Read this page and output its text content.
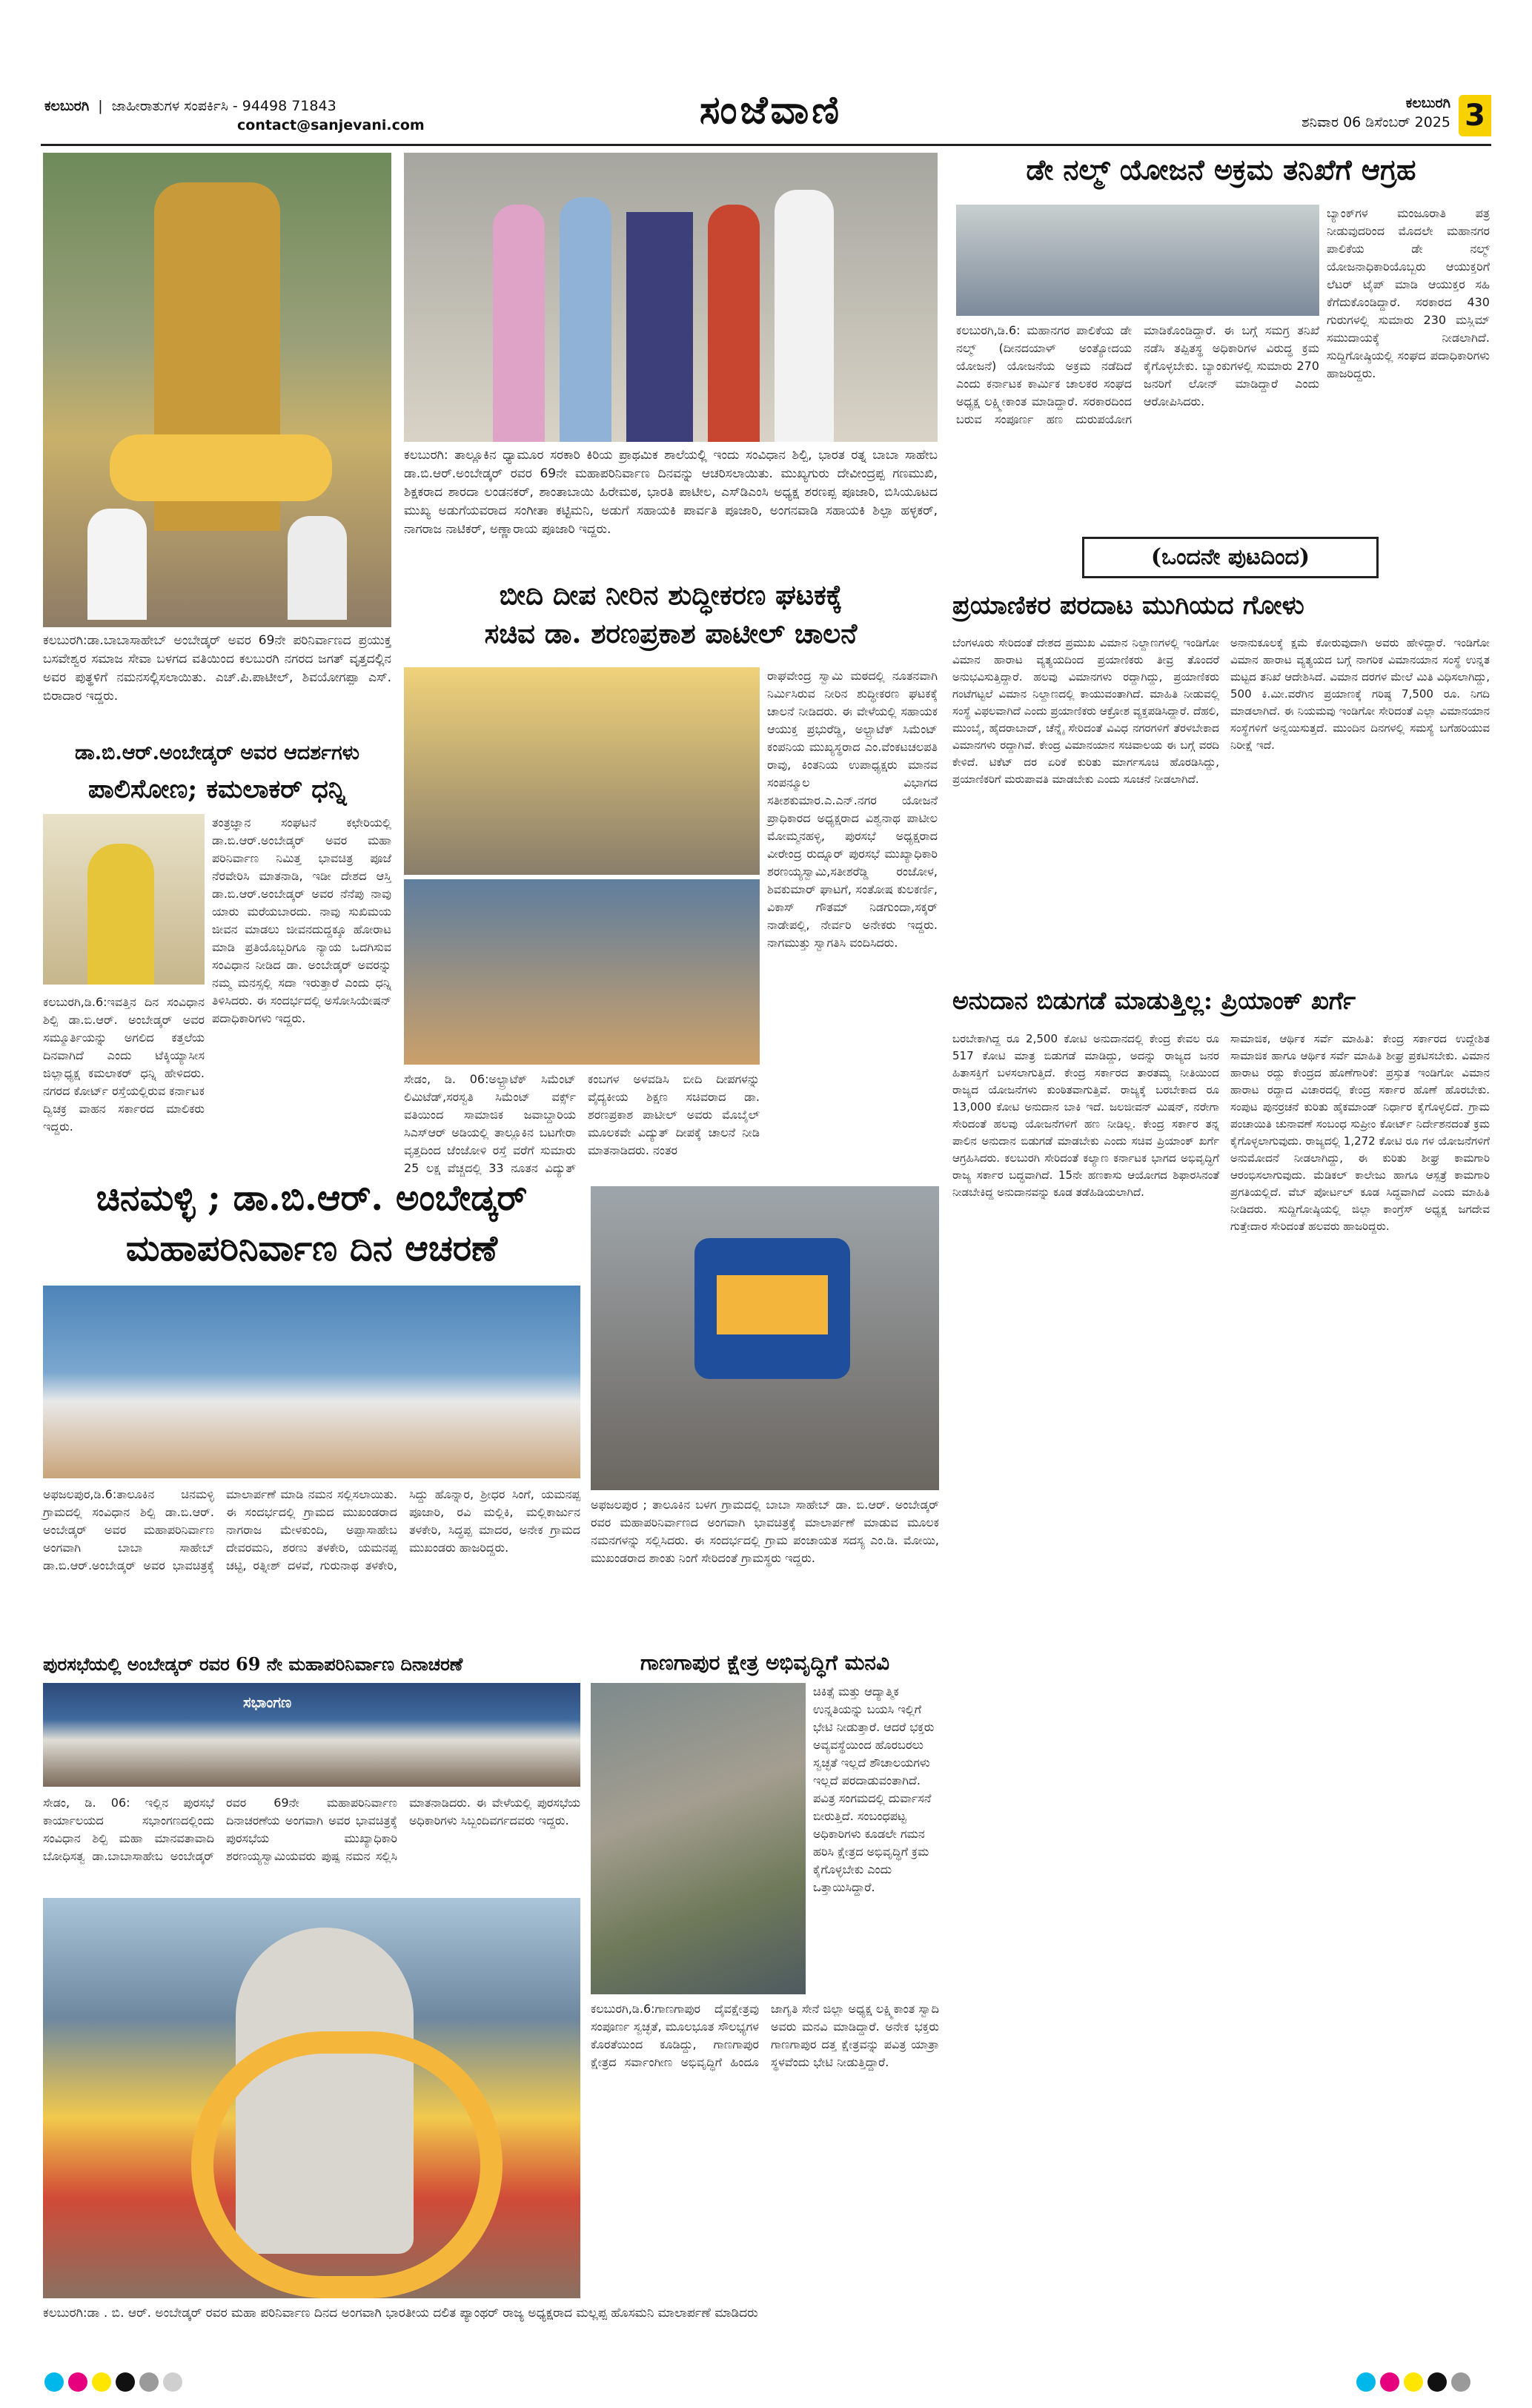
ಕಲಬುರಗಿ  |  ಜಾಹೀರಾತುಗಳ ಸಂಪರ್ಕಿಸಿ - 94498 71843
contact@sanjevani.com	ಸಂಜೆವಾಣಿ	ಕಲಬುರಗಿ
ಶನಿವಾರ 06 ಡಿಸೆಂಬರ್ 2025 3
ಕಲಬುರಗಿ:ಡಾ.ಬಾಬಾಸಾಹೇಬ್ ಅಂಬೇಡ್ಕರ್ ಅವರ 69ನೇ ಪರಿನಿರ್ವಾಣದ ಪ್ರಯುಕ್ತ ಬಸವೇಶ್ವರ ಸಮಾಜ ಸೇವಾ ಬಳಗದ ವತಿಯಿಂದ ಕಲಬುರಗಿ ನಗರದ ಜಗತ್ ವೃತ್ತದಲ್ಲಿನ ಅವರ ಪುತ್ಥಳಿಗೆ ನಮನಸಲ್ಲಿಸಲಾಯಿತು. ಎಚ್.ಪಿ.ಪಾಟೀಲ್, ಶಿವಯೋಗಪ್ಪಾ ಎಸ್. ಬಿರಾದಾರ ಇದ್ದರು.
ಡಾ.ಬಿ.ಆರ್.ಅಂಬೇಡ್ಕರ್ ಅವರ ಆದರ್ಶಗಳು
ಪಾಲಿಸೋಣ; ಕಮಲಾಕರ್ ಧನ್ನಿ
ತಂತ್ರಜ್ಞಾನ ಸಂಘಟನೆ ಕಛೇರಿಯಲ್ಲಿ ಡಾ.ಬಿ.ಆರ್.ಅಂಬೇಡ್ಕರ್ ಅವರ ಮಹಾ ಪರಿನಿರ್ವಾಣ ನಿಮಿತ್ತ ಭಾವಚಿತ್ರ ಪೂಜೆ ನೆರವೇರಿಸಿ ಮಾತನಾಡಿ, ಇಡೀ ದೇಶದ ಆಸ್ತಿ ಡಾ.ಬಿ.ಆರ್.ಅಂಬೇಡ್ಕರ್ ಅವರ ನೆನೆಪು ನಾವು ಯಾರು ಮರೆಯಬಾರದು. ನಾವು ಸುಖಿಮಯ ಜೀವನ ಮಾಡಲು ಜೀವನದುದ್ದಕ್ಕೂ ಹೋರಾಟ ಮಾಡಿ ಪ್ರತಿಯೊಬ್ಬರಿಗೂ ನ್ಯಾಯ ಒದಗಿಸುವ ಸಂವಿಧಾನ ನೀಡಿದ ಡಾ. ಅಂಬೇಡ್ಕರ್ ಅವರನ್ನು ನಮ್ಮ ಮನಸ್ಸಲ್ಲಿ ಸದಾ ಇರುತ್ತಾರೆ ಎಂದು ಧನ್ನಿ ತಿಳಿಸಿದರು. ಈ ಸಂದರ್ಭದಲ್ಲಿ ಅಸೋಸಿಯೇಷನ್ ಪದಾಧಿಕಾರಿಗಳು ಇದ್ದರು.
ಕಲಬುರಗಿ,ಡಿ.6:ಇವತ್ತಿನ ದಿನ ಸಂವಿಧಾನ ಶಿಲ್ಪಿ ಡಾ.ಬಿ.ಆರ್. ಅಂಬೇಡ್ಕರ್ ಅವರ ಸಮ್ಮೂರ್ತಿಯನ್ನು ಅಗಲಿದ ಕತ್ತಲೆಯ ದಿನವಾಗಿದೆ ಎಂದು ಟೆಕ್ಕಿಯ್ಯಾಸೀಸ ಜಿಲ್ಲಾಧ್ಯಕ್ಷ ಕಮಲಾಕರ್ ಧನ್ನಿ ಹೇಳಿದರು. ನಗರದ ಕೋರ್ಟ್ ರಸ್ತೆಯಲ್ಲಿರುವ ಕರ್ನಾಟಕ ದ್ವಿಚಕ್ರ ವಾಹನ ಸರ್ಕಾರದ ಮಾಲಿಕರು ಇದ್ದರು.
ಕಲಬುರಗಿ: ತಾಲ್ಲೂಕಿನ ಧ್ಯಾಮೂರ ಸರಕಾರಿ ಕಿರಿಯ ಪ್ರಾಥಮಿಕ ಶಾಲೆಯಲ್ಲಿ ಇಂದು ಸಂವಿಧಾನ ಶಿಲ್ಪಿ, ಭಾರತ ರತ್ನ ಬಾಬಾ ಸಾಹೇಬ ಡಾ.ಬಿ.ಆರ್.ಅಂಬೇಡ್ಕರ್ ರವರ 69ನೇ ಮಹಾಪರಿನಿರ್ವಾಣ ದಿನವನ್ನು ಆಚರಿಸಲಾಯಿತು. ಮುಖ್ಯಗುರು ದೇವೀಂದ್ರಪ್ಪ ಗಣಮುಖಿ, ಶಿಕ್ಷಕರಾದ ಶಾರದಾ ಲಂಡನಕರ್, ಶಾಂತಾಬಾಯಿ ಹಿರೇಮಠ, ಭಾರತಿ ಪಾಟೀಲ, ಎಸ್‌ಡಿಎಂಸಿ ಅಧ್ಯಕ್ಷ ಶರಣಪ್ಪ ಪೂಜಾರಿ, ಬಿಸಿಯೂಟದ ಮುಖ್ಯ ಅಡುಗೆಯವರಾದ ಸಂಗೀತಾ ಕಟ್ಟಿಮನಿ, ಅಡುಗೆ ಸಹಾಯಕಿ ಪಾರ್ವತಿ ಪೂಜಾರಿ, ಅಂಗನವಾಡಿ ಸಹಾಯಕಿ ಶಿಲ್ಪಾ ಹಳ್ಳಕರ್, ನಾಗರಾಜ ನಾಟಿಕರ್, ಅಣ್ಣಾರಾಯ ಪೂಜಾರಿ ಇದ್ದರು.
ಬೀದಿ ದೀಪ ನೀರಿನ ಶುದ್ಧೀಕರಣ ಘಟಕಕ್ಕೆ
ಸಚಿವ ಡಾ. ಶರಣಪ್ರಕಾಶ ಪಾಟೀಲ್ ಚಾಲನೆ
ರಾಘವೇಂದ್ರ ಸ್ವಾಮಿ ಮಠದಲ್ಲಿ ನೂತನವಾಗಿ ನಿರ್ಮಿಸಿರುವ ನೀರಿನ ಶುದ್ಧೀಕರಣ ಘಟಕಕ್ಕೆ ಚಾಲನೆ ನೀಡಿದರು. ಈ ವೇಳೆಯಲ್ಲಿ ಸಹಾಯಕ ಆಯುಕ್ತ ಪ್ರಭುರೆಡ್ಡಿ, ಅಲ್ಟ್ರಾಟೆಕ್ ಸಿಮೆಂಟ್ ಕಂಪನಿಯ ಮುಖ್ಯಸ್ಥರಾದ ಎಂ.ವೆಂಕಟಚಲಪತಿ ರಾವು, ಕಿಂತನಿಯ ಉಪಾಧ್ಯಕ್ಷರು ಮಾನವ ಸಂಪನ್ಮೂಲ ವಿಭಾಗದ ಸತೀಶಕುಮಾರ.ಎ.ಎನ್.ನಗರ ಯೋಜನೆ ಪ್ರಾಧಿಕಾರದ ಅಧ್ಯಕ್ಷರಾದ ವಿಶ್ವನಾಥ ಪಾಟೀಲ ಮೋಮ್ಮನಹಳ್ಳಿ, ಪುರಸಭೆ ಅಧ್ಯಕ್ಷರಾದ ವೀರೇಂದ್ರ ರುದ್ನೂರ್ ಪುರಸಭೆ ಮುಖ್ಯಾಧಿಕಾರಿ ಶರಣಯ್ಯಸ್ವಾಮಿ,ಸತೀಶರೆಡ್ಡಿ ರಂಜೋಳ, ಶಿವಕುಮಾರ್ ಘಾಟಗೆ, ಸಂತೋಷ ಕುಲಕರ್ಣಿ, ವಿಕಾಸ್ ಗೌತಮ್ ನಿಡಗುಂದಾ,ಸಕ್ಕರ್ ನಾಡೇಪಲ್ಲಿ, ನೇರ್ವರಿ ಅನೇಕರು ಇದ್ದರು. ನಾಗಮುತ್ತು ಸ್ವಾಗತಿಸಿ ವಂದಿಸಿದರು.
ಸೇಡಂ, ಡಿ. 06:ಅಲ್ಟ್ರಾಟೆಕ್ ಸಿಮೆಂಟ್ ಲಿಮಿಟೆಡ್,ಸರಸ್ವತಿ ಸಿಮೆಂಟ್ ವರ್ಕ್ಸ್ ವತಿಯಿಂದ ಸಾಮಾಜಿಕ ಜವಾಬ್ದಾರಿಯ ಸಿಎಸ್‌ಆರ್ ಅಡಿಯಲ್ಲಿ ತಾಲ್ಲೂಕಿನ ಬಟಗೇರಾ ವೃತ್ತದಿಂದ ಜೆಂಜೋಳಿ ರಸ್ತೆ ವರೆಗೆ ಸುಮಾರು 25 ಲಕ್ಷ ವೆಚ್ಚದಲ್ಲಿ 33 ನೂತನ ವಿದ್ಯುತ್ ಕಂಬಗಳ ಅಳವಡಿಸಿ ಬೀದಿ ದೀಪಗಳನ್ನು ವೈದ್ಯಕೀಯ ಶಿಕ್ಷಣ ಸಚಿವರಾದ ಡಾ. ಶರಣಪ್ರಕಾಶ ಪಾಟೀಲ್ ಅವರು ಮೊಬೈಲ್ ಮೂಲಕವೇ ವಿದ್ಯುತ್ ದೀಪಕ್ಕೆ ಚಾಲನೆ ನೀಡಿ ಮಾತನಾಡಿದರು. ನಂತರ
ಚಿನಮಳ್ಳಿ ; ಡಾ.ಬಿ.ಆರ್. ಅಂಬೇಡ್ಕರ್
ಮಹಾಪರಿನಿರ್ವಾಣ ದಿನ ಆಚರಣೆ
ಅಫಜಲಪುರ,ಡಿ.6:ತಾಲೂಕಿನ ಚಿನಮಳ್ಳಿ ಗ್ರಾಮದಲ್ಲಿ ಸಂವಿಧಾನ ಶಿಲ್ಪಿ ಡಾ.ಬಿ.ಆರ್. ಅಂಬೇಡ್ಕರ್ ಅವರ ಮಹಾಪರಿನಿರ್ವಾಣ ಅಂಗವಾಗಿ ಬಾಬಾ ಸಾಹೇಬ್ ಡಾ.ಬಿ.ಆರ್.ಅಂಬೇಡ್ಕರ್ ಅವರ ಭಾವಚಿತ್ರಕ್ಕೆ ಮಾಲಾರ್ಪಣೆ ಮಾಡಿ ನಮನ ಸಲ್ಲಿಸಲಾಯಿತು. ಈ ಸಂದರ್ಭದಲ್ಲಿ ಗ್ರಾಮದ ಮುಖಂಡರಾದ ನಾಗರಾಜ ಮೇಳಕುಂದಿ, ಅಪ್ಪಾಸಾಹೇಬ ದೇವರಮನಿ, ಶರಣು ತಳಕೇರಿ, ಯಮನಪ್ಪ ಚಟ್ಟಿ, ರತ್ನೀಶ್ ದಳವೆ, ಗುರುನಾಥ ತಳಕೇರಿ, ಸಿದ್ದು ಹೊನ್ನಾರ, ಶ್ರೀಧರ ಸಿಂಗೆ, ಯಮನಪ್ಪ ಪೂಜಾರಿ, ರವಿ ಮಲ್ಲಿಕಿ, ಮಲ್ಲಿಕಾರ್ಜುನ ತಳಕೇರಿ, ಸಿದ್ಧಪ್ಪ ಮಾದರ, ಅನೇಕ ಗ್ರಾಮದ ಮುಖಂಡರು ಹಾಜರಿದ್ದರು.
ಅಫಜಲಪುರ ; ತಾಲೂಕಿನ ಬಳಗ ಗ್ರಾಮದಲ್ಲಿ ಬಾಬಾ ಸಾಹೇಬ್ ಡಾ. ಬಿ.ಆರ್. ಅಂಬೇಡ್ಕರ್ ರವರ ಮಹಾಪರಿನಿರ್ವಾಣದ ಅಂಗವಾಗಿ ಭಾವಚಿತ್ರಕ್ಕೆ ಮಾಲಾರ್ಪಣೆ ಮಾಡುವ ಮೂಲಕ ನಮನಗಳನ್ನು ಸಲ್ಲಿಸಿದರು. ಈ ಸಂದರ್ಭದಲ್ಲಿ ಗ್ರಾಮ ಪಂಚಾಯತ ಸದಸ್ಯ ಎಂ.ಡಿ. ಮೋಯಿ, ಮುಖಂಡರಾದ ಶಾಂತು ನಿಂಗೆ ಸೇರಿದಂತೆ ಗ್ರಾಮಸ್ಥರು ಇದ್ದರು.
ಪುರಸಭೆಯಲ್ಲಿ ಅಂಬೇಡ್ಕರ್ ರವರ 69 ನೇ ಮಹಾಪರಿನಿರ್ವಾಣ ದಿನಾಚರಣೆ
ಸಭಾಂಗಣ
ಸೇಡಂ, ಡಿ. 06: ಇಲ್ಲಿನ ಪುರಸಭೆ ಕಾರ್ಯಾಲಯದ ಸಭಾಂಗಣದಲ್ಲಿಂದು ಸಂವಿಧಾನ ಶಿಲ್ಪಿ ಮಹಾ ಮಾನವತಾವಾದಿ ಬೋಧಿಸತ್ವ ಡಾ.ಬಾಬಾಸಾಹೇಬ ಅಂಬೇಡ್ಕರ್ ರವರ 69ನೇ ಮಹಾಪರಿನಿರ್ವಾಣ ದಿನಾಚರಣೆಯ ಅಂಗವಾಗಿ ಅವರ ಭಾವಚಿತ್ರಕ್ಕೆ ಪುರಸಭೆಯ ಮುಖ್ಯಾಧಿಕಾರಿ ಶರಣಯ್ಯಸ್ವಾಮಿಯವರು ಪುಷ್ಪ ನಮನ ಸಲ್ಲಿಸಿ ಮಾತನಾಡಿದರು. ಈ ವೇಳೆಯಲ್ಲಿ ಪುರಸಭೆಯ ಅಧಿಕಾರಿಗಳು ಸಿಬ್ಬಂದಿವರ್ಗದವರು ಇದ್ದರು.
ಗಾಣಗಾಪುರ ಕ್ಷೇತ್ರ ಅಭಿವೃದ್ಧಿಗೆ ಮನವಿ
ಚಿಕಿತ್ಸೆ ಮತ್ತು ಆದ್ಯಾತ್ಮಿಕ ಉನ್ನತಿಯನ್ನು ಬಯಸಿ ಇಲ್ಲಿಗೆ ಭೇಟಿ ನೀಡುತ್ತಾರೆ. ಆದರೆ ಭಕ್ತರು ಅವ್ಯವಸ್ಥೆಯಿಂದ ಹೊರಬರಲು ಸ್ವಚ್ಛತೆ ಇಲ್ಲದೆ ಶೌಚಾಲಯಗಳು ಇಲ್ಲದೆ ಪರದಾಡುವಂತಾಗಿದೆ. ಪವಿತ್ರ ಸಂಗಮದಲ್ಲಿ ದುರ್ವಾಸನೆ ಬೀರುತ್ತಿದೆ. ಸಂಬಂಧಪಟ್ಟ ಅಧಿಕಾರಿಗಳು ಕೂಡಲೇ ಗಮನ ಹರಿಸಿ ಕ್ಷೇತ್ರದ ಅಭಿವೃದ್ಧಿಗೆ ಕ್ರಮ ಕೈಗೊಳ್ಳಬೇಕು ಎಂದು ಒತ್ತಾಯಿಸಿದ್ದಾರೆ.
ಕಲಬುರಗಿ,ಡಿ.6:ಗಾಣಗಾಪುರ ದೈವಕ್ಷೇತ್ರವು ಸಂಪೂರ್ಣ ಸ್ವಚ್ಛತೆ, ಮೂಲಭೂತ ಸೌಲಭ್ಯಗಳ ಕೊರತೆಯಿಂದ ಕೂಡಿದ್ದು, ಗಾಣಗಾಪುರ ಕ್ಷೇತ್ರದ ಸರ್ವಾಂಗೀಣ ಅಭಿವೃದ್ಧಿಗೆ ಹಿಂದೂ ಜಾಗೃತಿ ಸೇನೆ ಜಿಲ್ಲಾ ಅಧ್ಯಕ್ಷ ಲಕ್ಷ್ಮಿಕಾಂತ ಸ್ವಾದಿ ಅವರು ಮನವಿ ಮಾಡಿದ್ದಾರೆ. ಅನೇಕ ಭಕ್ತರು ಗಾಣಗಾಪುರ ದತ್ತ ಕ್ಷೇತ್ರವನ್ನು ಪವಿತ್ರ ಯಾತ್ರಾ ಸ್ಥಳವೆಂದು ಭೇಟಿ ನೀಡುತ್ತಿದ್ದಾರೆ.
ಕಲಬುರಗಿ:ಡಾ . ಬಿ. ಆರ್. ಅಂಬೇಡ್ಕರ್ ರವರ ಮಹಾ ಪರಿನಿರ್ವಾಣ ದಿನದ ಅಂಗವಾಗಿ ಭಾರತೀಯ ದಲಿತ ಪ್ಯಾಂಥರ್ ರಾಜ್ಯ ಅಧ್ಯಕ್ಷರಾದ ಮಲ್ಲಪ್ಪ ಹೊಸಮನಿ ಮಾಲಾರ್ಪಣೆ ಮಾಡಿದರು
ಡೇ ನಲ್ಮ್ ಯೋಜನೆ ಅಕ್ರಮ ತನಿಖೆಗೆ ಆಗ್ರಹ
ಬ್ಯಾಂಕ್‌ಗಳ ಮಂಜೂರಾತಿ ಪತ್ರ ನೀಡುವುದರಿಂದ ಮೊದಲೇ ಮಹಾನಗರ ಪಾಲಿಕೆಯ ಡೇ ನಲ್ಮ್ ಯೋಜನಾಧಿಕಾರಿಯೊಬ್ಬರು ಆಯುಕ್ತರಿಗೆ ಲೆಟರ್ ಟೈಪ್ ಮಾಡಿ ಆಯುಕ್ತರ ಸಹಿ ಕೆಗೆದುಕೊಂಡಿದ್ದಾರೆ. ಸರಕಾರದ 430 ಗುರುಗಳಲ್ಲಿ ಸುಮಾರು 230 ಮಸ್ಲಿಮ್ ಸಮುದಾಯಕ್ಕೆ ನೀಡಲಾಗಿದೆ. ಸುದ್ದಿಗೋಷ್ಠಿಯಲ್ಲಿ ಸಂಘದ ಪದಾಧಿಕಾರಿಗಳು ಹಾಜರಿದ್ದರು.
ಕಲಬುರಗಿ,ಡಿ.6: ಮಹಾನಗರ ಪಾಲಿಕೆಯ ಡೇ ನಲ್ಮ್ (ದೀನದಯಾಳ್ ಅಂತ್ಯೋದಯ ಯೋಜನೆ) ಯೋಜನೆಯ ಅಕ್ರಮ ನಡೆದಿದೆ ಎಂದು ಕರ್ನಾಟಕ ಕಾರ್ಮಿಕ ಚಾಲಕರ ಸಂಘದ ಅಧ್ಯಕ್ಷ ಲಕ್ಷ್ಮೀಕಾಂತ ಮಾಡಿದ್ದಾರೆ. ಸರಕಾರದಿಂದ ಬರುವ ಸಂಪೂರ್ಣ ಹಣ ದುರುಪಯೋಗ ಮಾಡಿಕೊಂಡಿದ್ದಾರೆ. ಈ ಬಗ್ಗೆ ಸಮಗ್ರ ತನಿಖೆ ನಡೆಸಿ ತಪ್ಪಿತಸ್ಥ ಅಧಿಕಾರಿಗಳ ವಿರುದ್ಧ ಕ್ರಮ ಕೈಗೊಳ್ಳಬೇಕು. ಬ್ಯಾಂಕುಗಳಲ್ಲಿ ಸುಮಾರು 270 ಜನರಿಗೆ ಲೋನ್ ಮಾಡಿದ್ದಾರೆ ಎಂದು ಆರೋಪಿಸಿದರು.
(ಒಂದನೇ ಪುಟದಿಂದ)
ಪ್ರಯಾಣಿಕರ ಪರದಾಟ ಮುಗಿಯದ ಗೋಳು
ಬೆಂಗಳೂರು ಸೇರಿದಂತೆ ದೇಶದ ಪ್ರಮುಖ ವಿಮಾನ ನಿಲ್ದಾಣಗಳಲ್ಲಿ ಇಂಡಿಗೋ ವಿಮಾನ ಹಾರಾಟ ವ್ಯತ್ಯಯದಿಂದ ಪ್ರಯಾಣಿಕರು ತೀವ್ರ ತೊಂದರೆ ಅನುಭವಿಸುತ್ತಿದ್ದಾರೆ. ಹಲವು ವಿಮಾನಗಳು ರದ್ದಾಗಿದ್ದು, ಪ್ರಯಾಣಿಕರು ಗಂಟೆಗಟ್ಟಲೆ ವಿಮಾನ ನಿಲ್ದಾಣದಲ್ಲಿ ಕಾಯುವಂತಾಗಿದೆ. ಮಾಹಿತಿ ನೀಡುವಲ್ಲಿ ಸಂಸ್ಥೆ ವಿಫಲವಾಗಿದೆ ಎಂದು ಪ್ರಯಾಣಿಕರು ಆಕ್ರೋಶ ವ್ಯಕ್ತಪಡಿಸಿದ್ದಾರೆ. ದೆಹಲಿ, ಮುಂಬೈ, ಹೈದರಾಬಾದ್, ಚೆನ್ನೈ ಸೇರಿದಂತೆ ವಿವಿಧ ನಗರಗಳಿಗೆ ತೆರಳಬೇಕಾದ ವಿಮಾನಗಳು ರದ್ದಾಗಿವೆ. ಕೇಂದ್ರ ವಿಮಾನಯಾನ ಸಚಿವಾಲಯ ಈ ಬಗ್ಗೆ ವರದಿ ಕೇಳಿದೆ. ಟಿಕೆಟ್ ದರ ಏರಿಕೆ ಕುರಿತು ಮಾರ್ಗಸೂಚಿ ಹೊರಡಿಸಿದ್ದು, ಪ್ರಯಾಣಿಕರಿಗೆ ಮರುಪಾವತಿ ಮಾಡಬೇಕು ಎಂದು ಸೂಚನೆ ನೀಡಲಾಗಿದೆ.
ಅನಾನುಕೂಲಕ್ಕೆ ಕ್ಷಮೆ ಕೋರುವುದಾಗಿ ಅವರು ಹೇಳಿದ್ದಾರೆ. ಇಂಡಿಗೋ ವಿಮಾನ ಹಾರಾಟ ವ್ಯತ್ಯಯದ ಬಗ್ಗೆ ನಾಗರಿಕ ವಿಮಾನಯಾನ ಸಂಸ್ಥೆ ಉನ್ನತ ಮಟ್ಟದ ತನಿಖೆ ಆದೇಶಿಸಿದೆ. ವಿಮಾನ ದರಗಳ ಮೇಲೆ ಮಿತಿ ವಿಧಿಸಲಾಗಿದ್ದು, 500 ಕಿ.ಮೀ.ವರೆಗಿನ ಪ್ರಯಾಣಕ್ಕೆ ಗರಿಷ್ಠ 7,500 ರೂ. ನಿಗದಿ ಮಾಡಲಾಗಿದೆ. ಈ ನಿಯಮವು ಇಂಡಿಗೋ ಸೇರಿದಂತೆ ಎಲ್ಲಾ ವಿಮಾನಯಾನ ಸಂಸ್ಥೆಗಳಿಗೆ ಅನ್ವಯಿಸುತ್ತದೆ. ಮುಂದಿನ ದಿನಗಳಲ್ಲಿ ಸಮಸ್ಯೆ ಬಗೆಹರಿಯುವ ನಿರೀಕ್ಷೆ ಇದೆ.
ಅನುದಾನ ಬಿಡುಗಡೆ ಮಾಡುತ್ತಿಲ್ಲ: ಪ್ರಿಯಾಂಕ್ ಖರ್ಗೆ
ಬರಬೇಕಾಗಿದ್ದ ರೂ 2,500 ಕೋಟಿ ಅನುದಾನದಲ್ಲಿ ಕೇಂದ್ರ ಕೇವಲ ರೂ 517 ಕೋಟಿ ಮಾತ್ರ ಬಿಡುಗಡೆ ಮಾಡಿದ್ದು, ಅದನ್ನು ರಾಜ್ಯದ ಜನರ ಹಿತಾಸಕ್ತಿಗೆ ಬಳಸಲಾಗುತ್ತಿದೆ. ಕೇಂದ್ರ ಸರ್ಕಾರದ ತಾರತಮ್ಯ ನೀತಿಯಿಂದ ರಾಜ್ಯದ ಯೋಜನೆಗಳು ಕುಂಠಿತವಾಗುತ್ತಿವೆ. ರಾಜ್ಯಕ್ಕೆ ಬರಬೇಕಾದ ರೂ 13,000 ಕೋಟಿ ಅನುದಾನ ಬಾಕಿ ಇದೆ. ಜಲಜೀವನ್ ಮಿಷನ್, ನರೇಗಾ ಸೇರಿದಂತೆ ಹಲವು ಯೋಜನೆಗಳಿಗೆ ಹಣ ನೀಡಿಲ್ಲ. ಕೇಂದ್ರ ಸರ್ಕಾರ ತನ್ನ ಪಾಲಿನ ಅನುದಾನ ಬಿಡುಗಡೆ ಮಾಡಬೇಕು ಎಂದು ಸಚಿವ ಪ್ರಿಯಾಂಕ್ ಖರ್ಗೆ ಆಗ್ರಹಿಸಿದರು. ಕಲಬುರಗಿ ಸೇರಿದಂತೆ ಕಲ್ಯಾಣ ಕರ್ನಾಟಕ ಭಾಗದ ಅಭಿವೃದ್ಧಿಗೆ ರಾಜ್ಯ ಸರ್ಕಾರ ಬದ್ಧವಾಗಿದೆ. 15ನೇ ಹಣಕಾಸು ಆಯೋಗದ ಶಿಫಾರಸಿನಂತೆ ನೀಡಬೇಕಿದ್ದ ಅನುದಾನವನ್ನು ಕೂಡ ತಡೆಹಿಡಿಯಲಾಗಿದೆ.
ಸಾಮಾಜಿಕ, ಆರ್ಥಿಕ ಸರ್ವೆ ಮಾಹಿತಿ: ಕೇಂದ್ರ ಸರ್ಕಾರದ ಉದ್ದೇಶಿತ ಸಾಮಾಜಿಕ ಹಾಗೂ ಆರ್ಥಿಕ ಸರ್ವೆ ಮಾಹಿತಿ ಶೀಘ್ರ ಪ್ರಕಟಿಸಬೇಕು. ವಿಮಾನ ಹಾರಾಟ ರದ್ದು ಕೇಂದ್ರದ ಹೊಣೆಗಾರಿಕೆ: ಪ್ರಸ್ತುತ ಇಂಡಿಗೋ ವಿಮಾನ ಹಾರಾಟ ರದ್ದಾದ ವಿಚಾರದಲ್ಲಿ ಕೇಂದ್ರ ಸರ್ಕಾರ ಹೊಣೆ ಹೊರಬೇಕು. ಸಂಪುಟ ಪುನರ್ರಚನೆ ಕುರಿತು ಹೈಕಮಾಂಡ್ ನಿರ್ಧಾರ ಕೈಗೊಳ್ಳಲಿದೆ. ಗ್ರಾಮ ಪಂಚಾಯಿತಿ ಚುನಾವಣೆ ಸಂಬಂಧ ಸುಪ್ರೀಂ ಕೋರ್ಟ್ ನಿರ್ದೇಶನದಂತೆ ಕ್ರಮ ಕೈಗೊಳ್ಳಲಾಗುವುದು. ರಾಜ್ಯದಲ್ಲಿ 1,272 ಕೋಟಿ ರೂ ಗಳ ಯೋಜನೆಗಳಿಗೆ ಅನುಮೋದನೆ ನೀಡಲಾಗಿದ್ದು, ಈ ಕುರಿತು ಶೀಘ್ರ ಕಾಮಗಾರಿ ಆರಂಭಿಸಲಾಗುವುದು. ಮೆಡಿಕಲ್ ಕಾಲೇಜು ಹಾಗೂ ಆಸ್ಪತ್ರೆ ಕಾಮಗಾರಿ ಪ್ರಗತಿಯಲ್ಲಿದೆ. ವೆಬ್ ಪೋರ್ಟಲ್ ಕೂಡ ಸಿದ್ಧವಾಗಿದೆ ಎಂದು ಮಾಹಿತಿ ನೀಡಿದರು. ಸುದ್ದಿಗೋಷ್ಠಿಯಲ್ಲಿ ಜಿಲ್ಲಾ ಕಾಂಗ್ರೆಸ್ ಅಧ್ಯಕ್ಷ ಜಗದೇವ ಗುತ್ತೇದಾರ ಸೇರಿದಂತೆ ಹಲವರು ಹಾಜರಿದ್ದರು.
